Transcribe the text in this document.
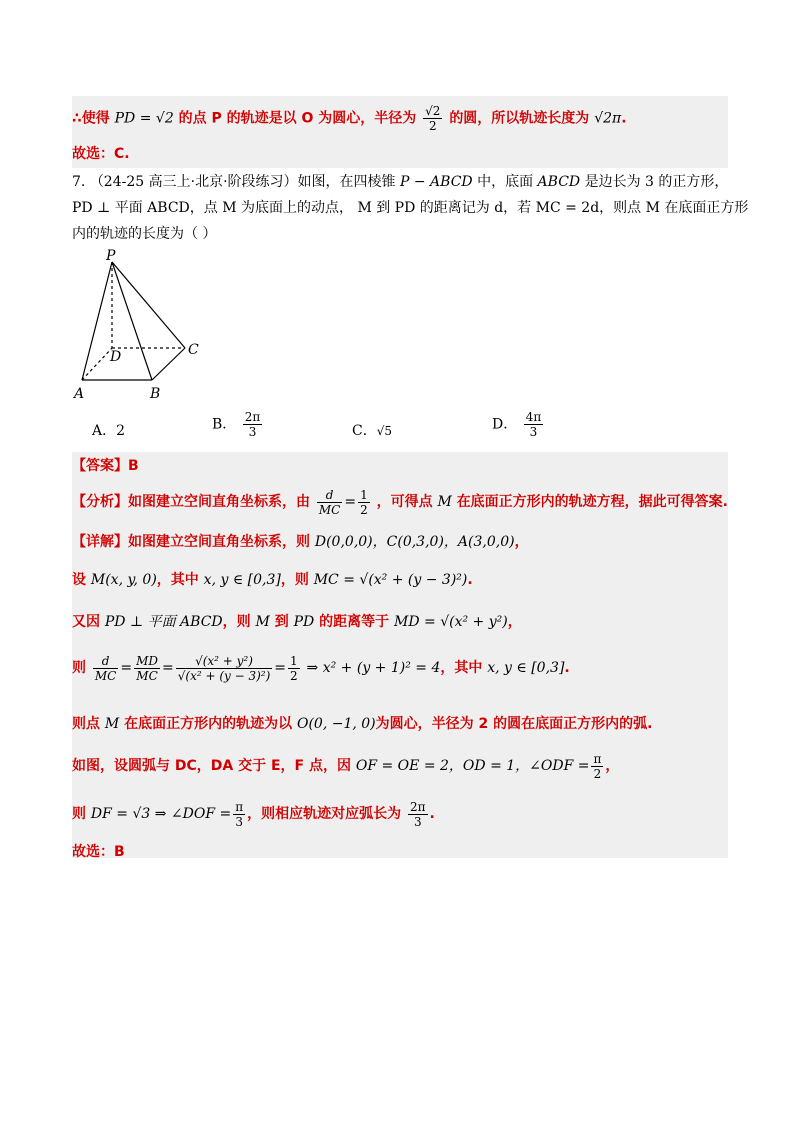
∴使得 PD = √2 的点 P 的轨迹是以 O 为圆心，半径为 $\frac{√2}{2}$ 的圆，所以轨迹长度为 √2π.
故选：C.
7. （24-25 高三上·北京·阶段练习）如图，在四棱锥 P − ABCD 中，底面 ABCD 是边长为 3 的正方形，
PD ⊥ 平面 ABCD，点 M 为底面上的动点， M 到 PD 的距离记为 d，若 MC = 2d，则点 M 在底面正方形
内的轨迹的长度为（ ）
P
D	C
A	B
A．2	B． $\frac{2\pi}{3}$	C．√5	D． $\frac{4\pi}{3}$
【答案】B
【分析】如图建立空间直角坐标系，由 $\frac{d}{MC} = \frac{1}{2}$ ，可得点 M 在底面正方形内的轨迹方程，据此可得答案.
【详解】如图建立空间直角坐标系，则 D(0,0,0)，C(0,3,0)，A(3,0,0)，
设 M(x, y, 0)，其中 x, y ∈ [0,3]，则 MC = √(x² + (y − 3)²).
又因 PD ⊥ 平面 ABCD，则 M 到 PD 的距离等于 MD = √(x² + y²)，
则 $\frac{d}{MC} = \frac{MD}{MC} = \frac{\text{√(x² + y²)}}{\text{√(x² + (y − 3)²)}} = \frac{1}{2}$ ⇒ x² + (y + 1)² = 4，其中 x, y ∈ [0,3].
则点 M 在底面正方形内的轨迹为以 O(0, −1, 0)为圆心，半径为 2 的圆在底面正方形内的弧.
如图，设圆弧与 DC，DA 交于 E，F 点，因 OF = OE = 2，OD = 1，∠ODF = $\frac{\pi}{2}$ ，
则 DF = √3 ⇒ ∠DOF = $\frac{\pi}{3}$ ，则相应轨迹对应弧长为 $\frac{2\pi}{3}$ .
故选：B
